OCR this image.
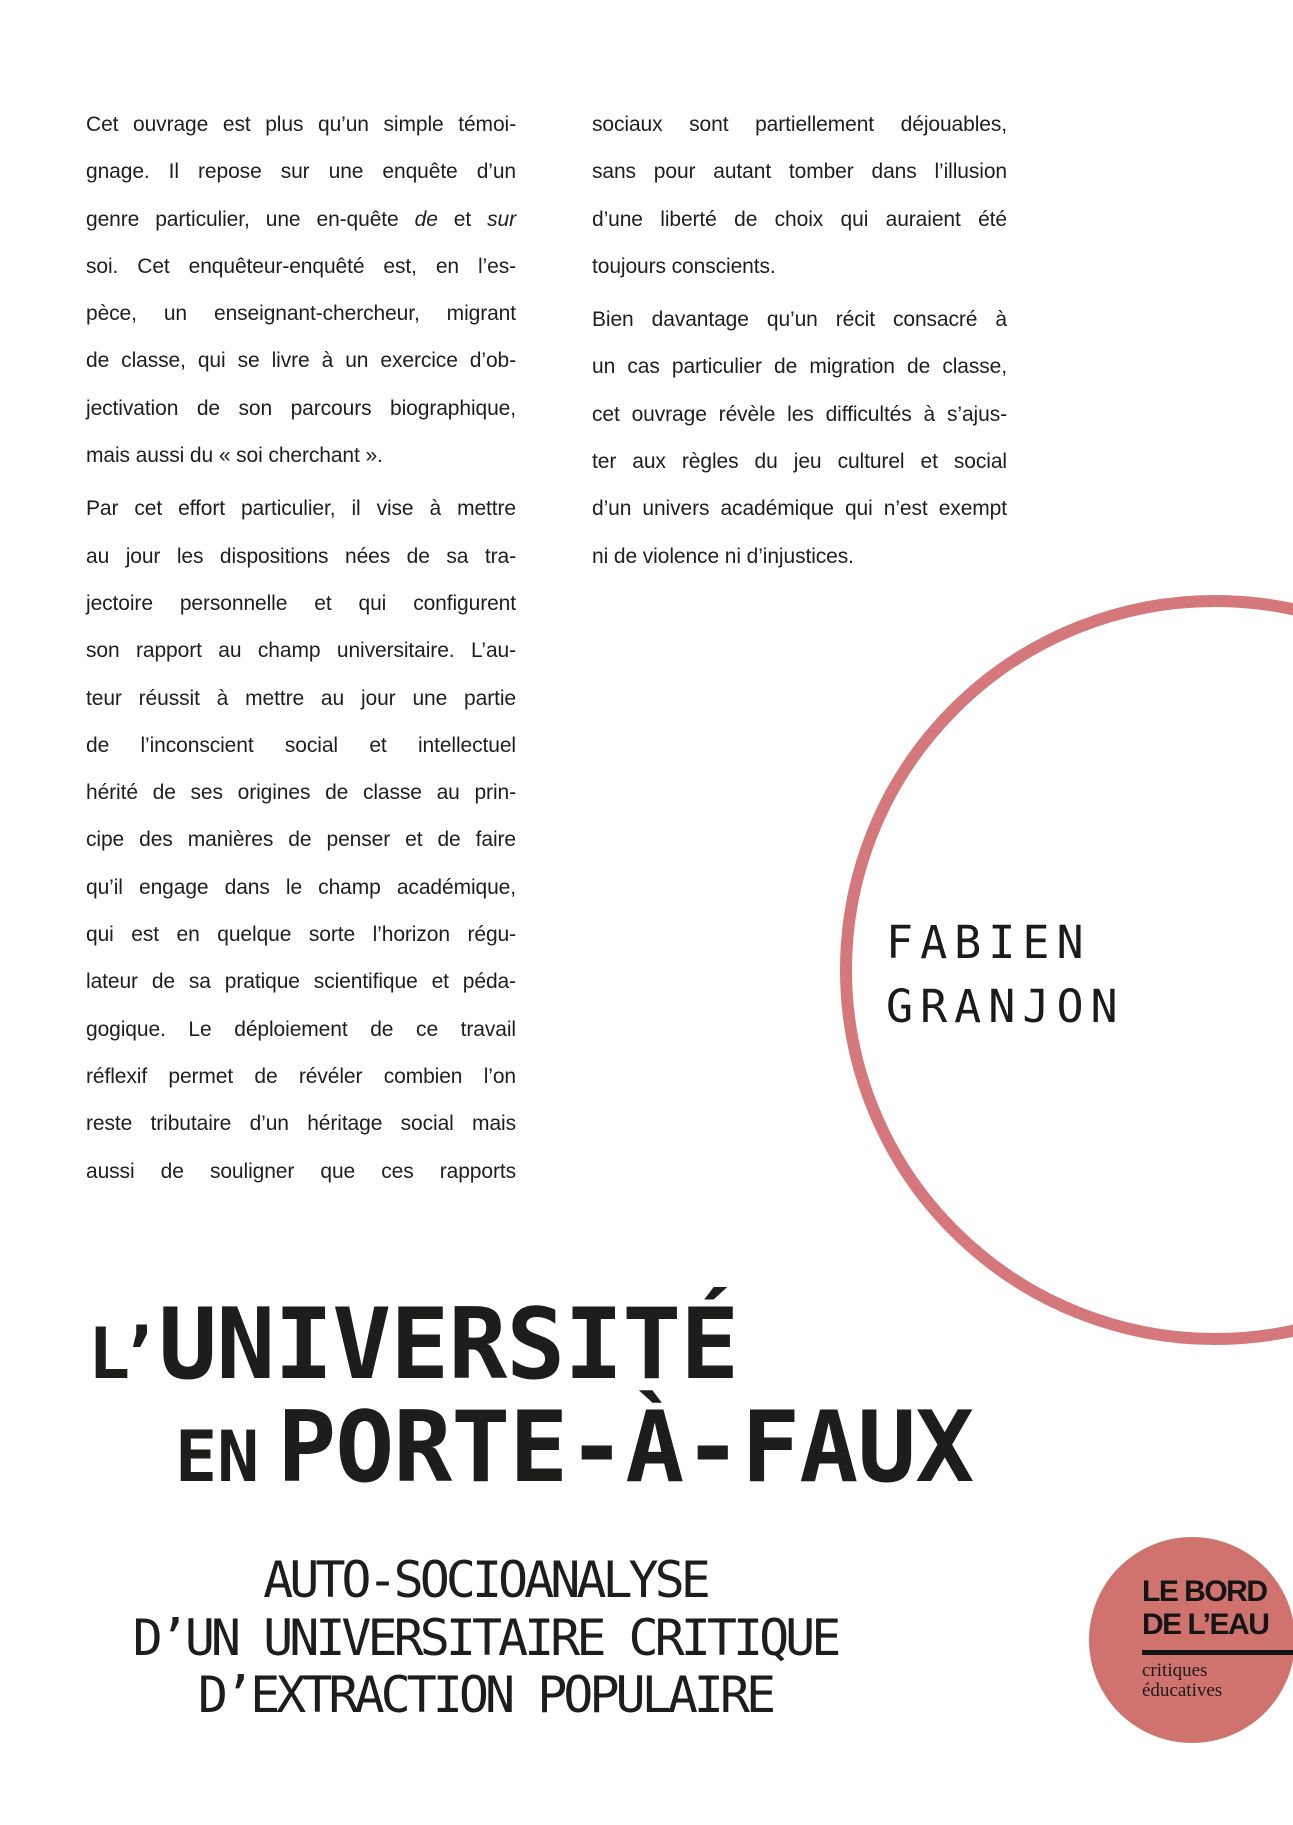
Cet ouvrage est plus qu’un simple témoi-
gnage. Il repose sur une enquête d’un
genre particulier, une en-quête de et sur
soi. Cet enquêteur-enquêté est, en l’es-
pèce, un enseignant-chercheur, migrant
de classe, qui se livre à un exercice d’ob-
jectivation de son parcours biographique,
mais aussi du « soi cherchant ».
Par cet effort particulier, il vise à mettre
au jour les dispositions nées de sa tra-
jectoire personnelle et qui configurent
son rapport au champ universitaire. L’au-
teur réussit à mettre au jour une partie
de l’inconscient social et intellectuel
hérité de ses origines de classe au prin-
cipe des manières de penser et de faire
qu’il engage dans le champ académique,
qui est en quelque sorte l’horizon régu-
lateur de sa pratique scientifique et péda-
gogique. Le déploiement de ce travail
réflexif permet de révéler combien l’on
reste tributaire d’un héritage social mais
aussi de souligner que ces rapports
sociaux sont partiellement déjouables,
sans pour autant tomber dans l’illusion
d’une liberté de choix qui auraient été
toujours conscients.
Bien davantage qu’un récit consacré à
un cas particulier de migration de classe,
cet ouvrage révèle les difficultés à s’ajus-
ter aux règles du jeu culturel et social
d’un univers académique qui n’est exempt
ni de violence ni d’injustices.
FABIEN
GRANJON
L’ UNIVERSITÉ
EN PORTE-À-FAUX
AUTO-SOCIOANALYSE
D’UN UNIVERSITAIRE CRITIQUE
D’EXTRACTION POPULAIRE
LE BORD
DE L’EAU
critiques
éducatives
